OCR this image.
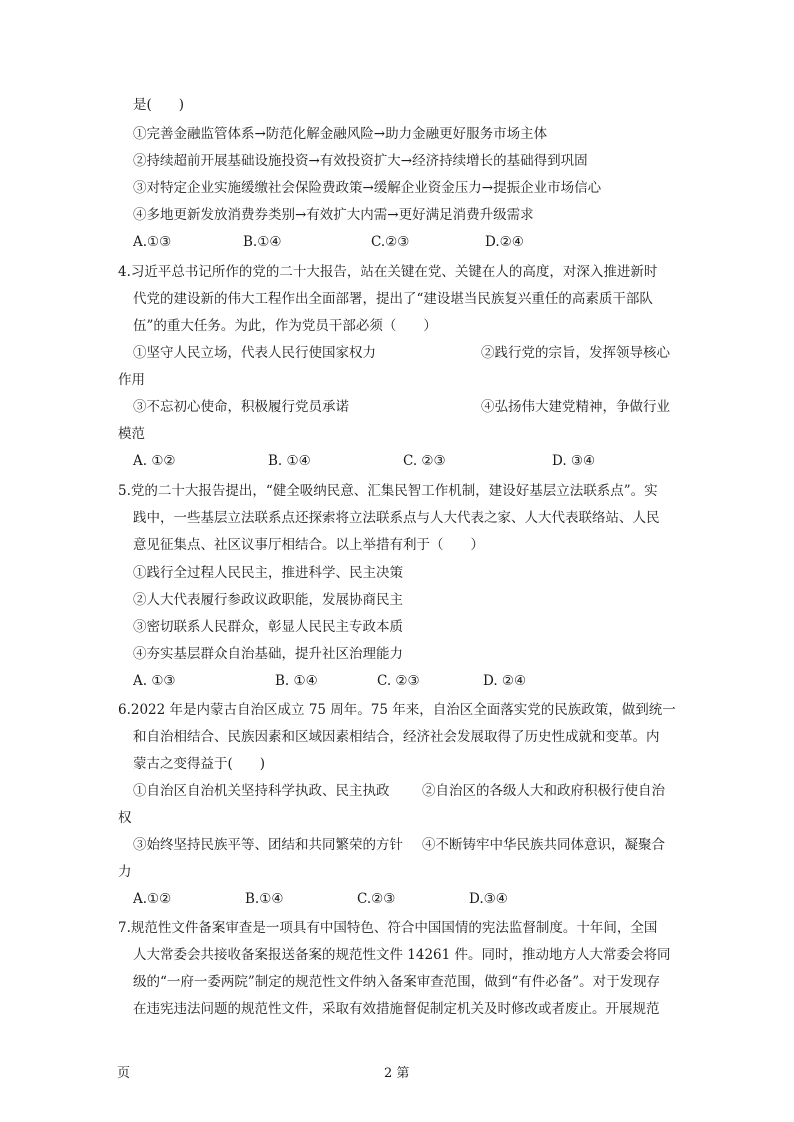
是(　　)
①完善金融监管体系→防范化解金融风险→助力金融更好服务市场主体
②持续超前开展基础设施投资→有效投资扩大→经济持续增长的基础得到巩固
③对特定企业实施缓缴社会保险费政策→缓解企业资金压力→提振企业市场信心
④多地更新发放消费券类别→有效扩大内需→更好满足消费升级需求
A.①③	B.①④	C.②③	D.②④
4.习近平总书记所作的党的二十大报告，站在关键在党、关键在人的高度，对深入推进新时
代党的建设新的伟大工程作出全面部署，提出了“建设堪当民族复兴重任的高素质干部队
伍”的重大任务。为此，作为党员干部必须（　　）
①坚守人民立场，代表人民行使国家权力	②践行党的宗旨，发挥领导核心
作用
③不忘初心使命，积极履行党员承诺	④弘扬伟大建党精神，争做行业
模范
A. ①②	B. ①④	C. ②③	D. ③④
5.党的二十大报告提出，“健全吸纳民意、汇集民智工作机制，建设好基层立法联系点”。实
践中，一些基层立法联系点还探索将立法联系点与人大代表之家、人大代表联络站、人民
意见征集点、社区议事厅相结合。以上举措有利于（　　）
①践行全过程人民民主，推进科学、民主决策
②人大代表履行参政议政职能，发展协商民主
③密切联系人民群众，彰显人民民主专政本质
④夯实基层群众自治基础，提升社区治理能力
A. ①③	B. ①④	C. ②③	D. ②④
6.2022 年是内蒙古自治区成立 75 周年。75 年来，自治区全面落实党的民族政策，做到统一
和自治相结合、民族因素和区域因素相结合，经济社会发展取得了历史性成就和变革。内
蒙古之变得益于(　　)
①自治区自治机关坚持科学执政、民主执政 ②自治区的各级人大和政府积极行使自治
权
③始终坚持民族平等、团结和共同繁荣的方针 ④不断铸牢中华民族共同体意识，凝聚合
力
A.①②	B.①④	C.②③	D.③④
7.规范性文件备案审查是一项具有中国特色、符合中国国情的宪法监督制度。十年间，全国
人大常委会共接收备案报送备案的规范性文件 14261 件。同时，推动地方人大常委会将同
级的“一府一委两院”制定的规范性文件纳入备案审查范围，做到“有件必备”。对于发现存
在违宪违法问题的规范性文件，采取有效措施督促制定机关及时修改或者废止。开展规范
页	2 第
